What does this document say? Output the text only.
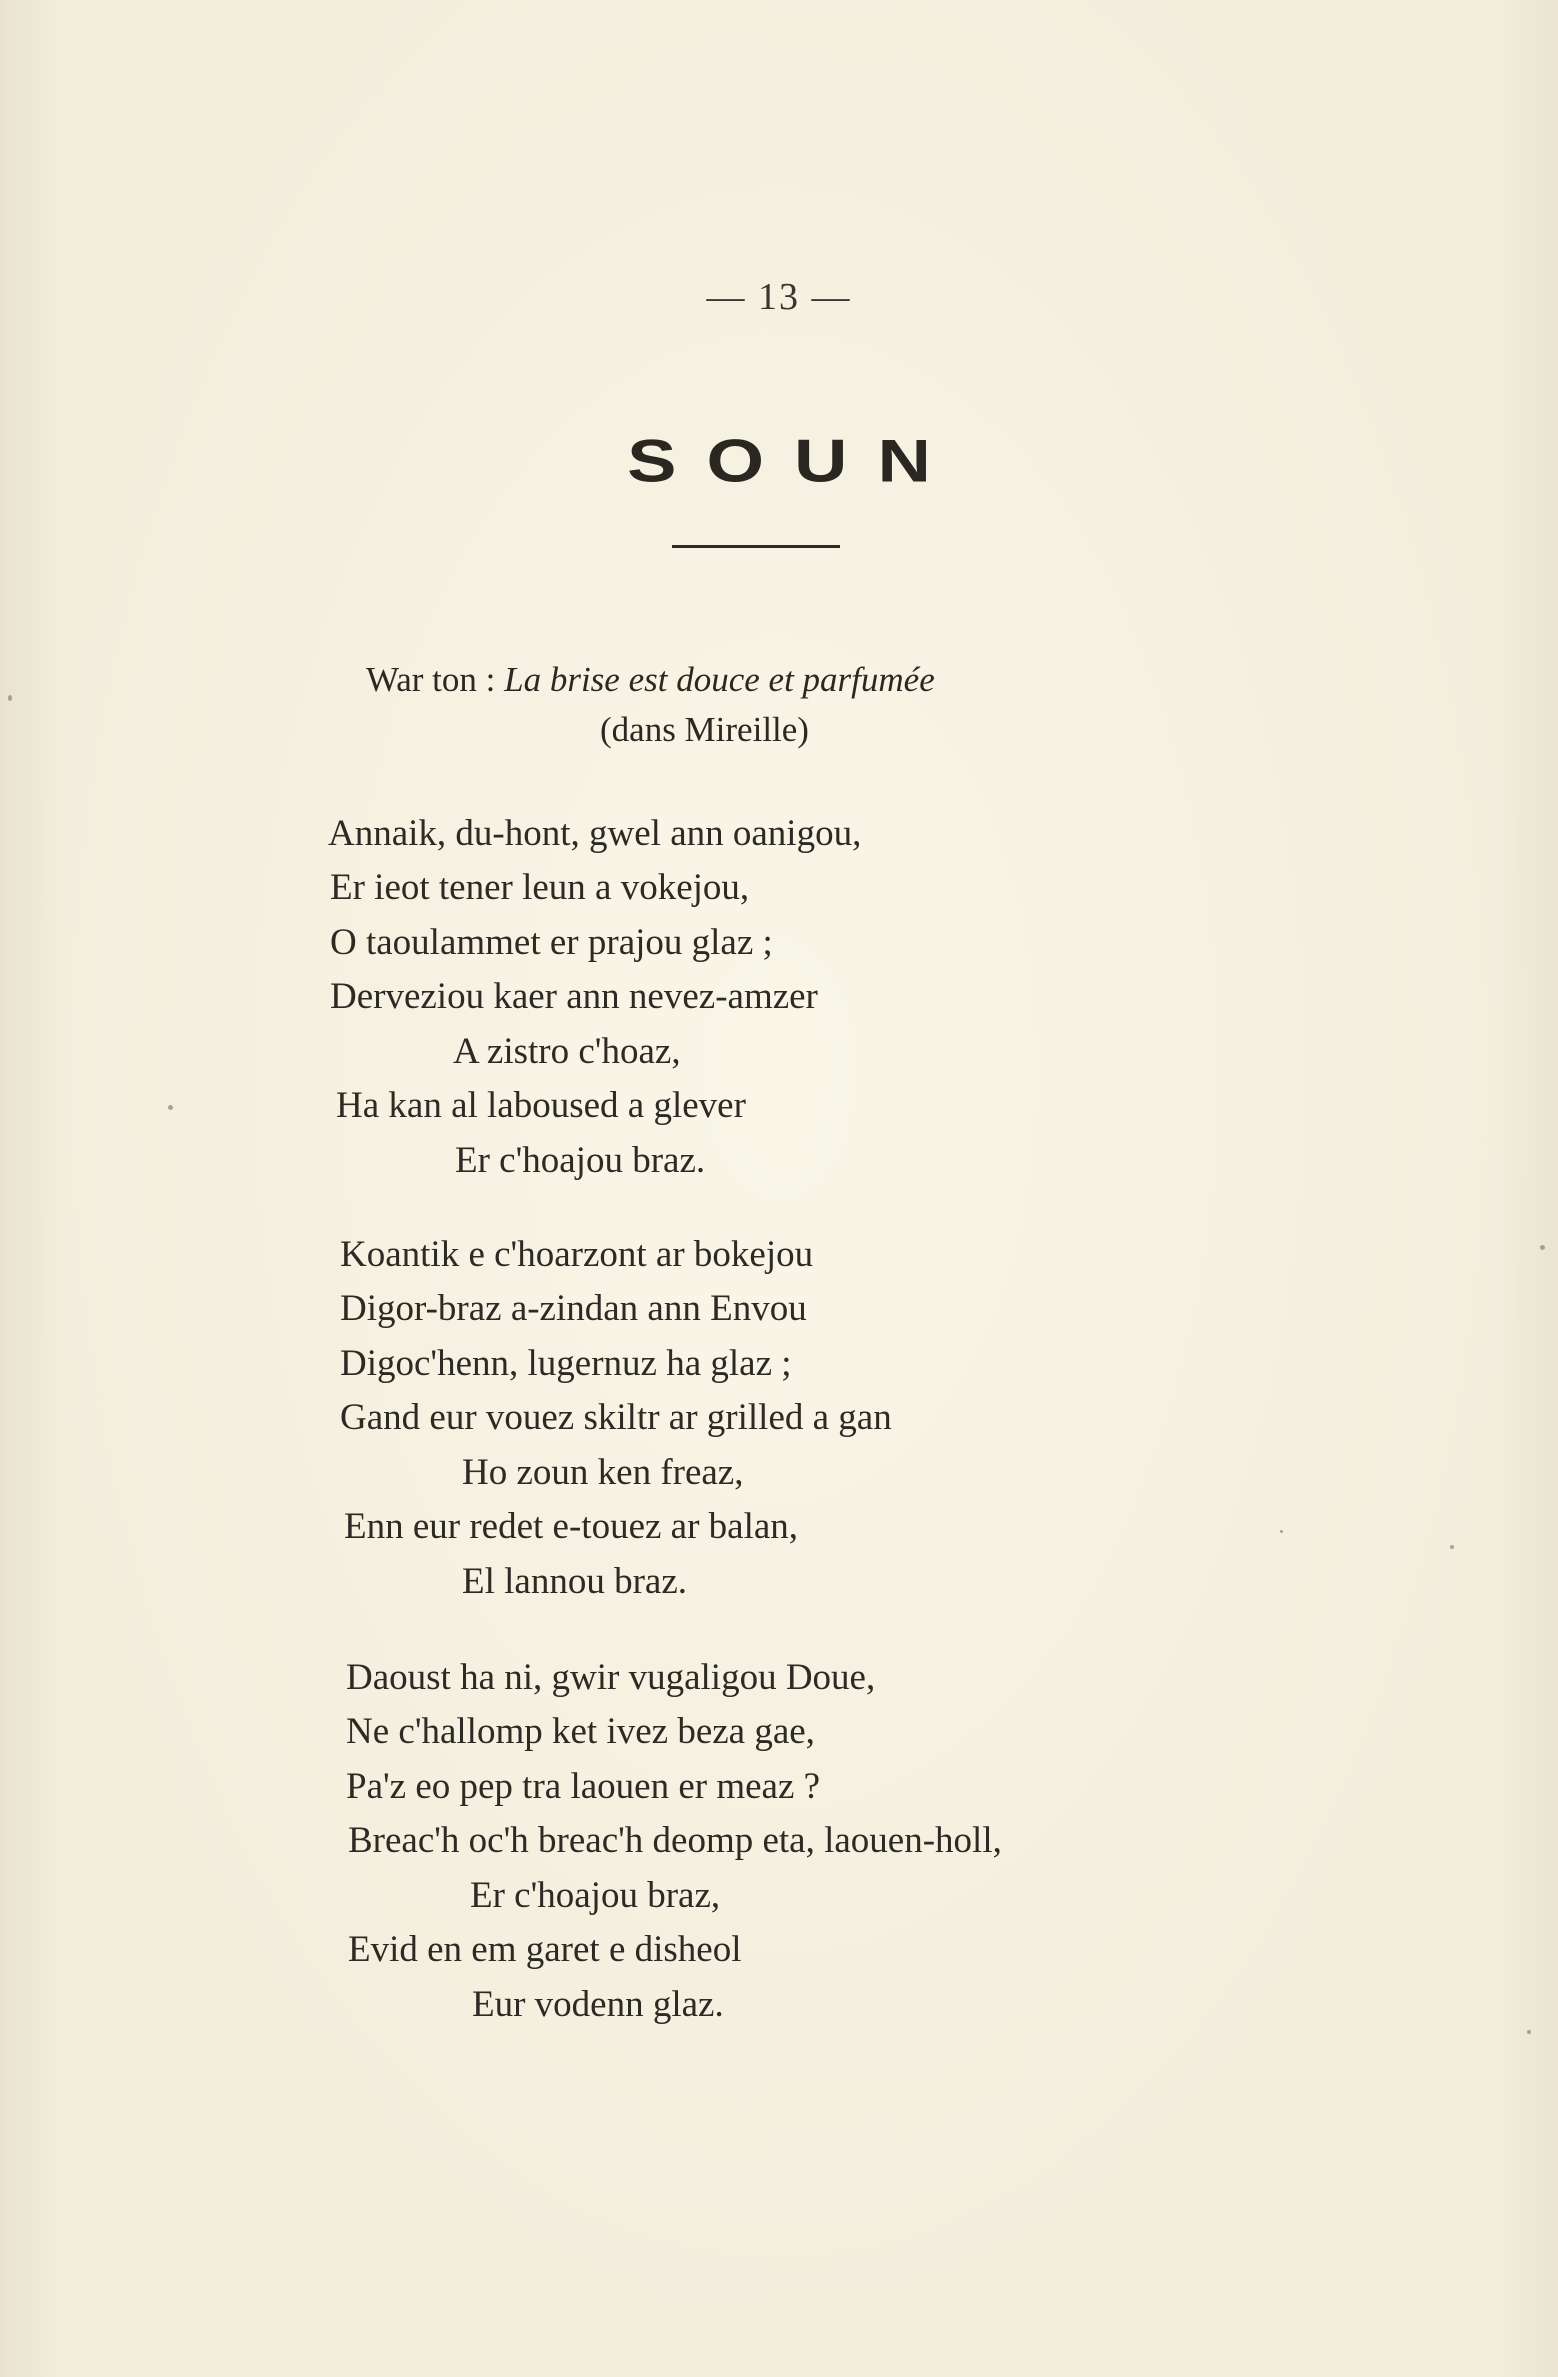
— 13 —
SOUN
War ton : La brise est douce et parfumée
(dans Mireille)
Annaik, du-hont, gwel ann oanigou,
Er ieot tener leun a vokejou,
O taoulammet er prajou glaz ;
Derveziou kaer ann nevez-amzer
A zistro c'hoaz,
Ha kan al laboused a glever
Er c'hoajou braz.
Koantik e c'hoarzont ar bokejou
Digor-braz a-zindan ann Envou
Digoc'henn, lugernuz ha glaz ;
Gand eur vouez skiltr ar grilled a gan
Ho zoun ken freaz,
Enn eur redet e-touez ar balan,
El lannou braz.
Daoust ha ni, gwir vugaligou Doue,
Ne c'hallomp ket ivez beza gae,
Pa'z eo pep tra laouen er meaz ?
Breac'h oc'h breac'h deomp eta, laouen-holl,
Er c'hoajou braz,
Evid en em garet e disheol
Eur vodenn glaz.
